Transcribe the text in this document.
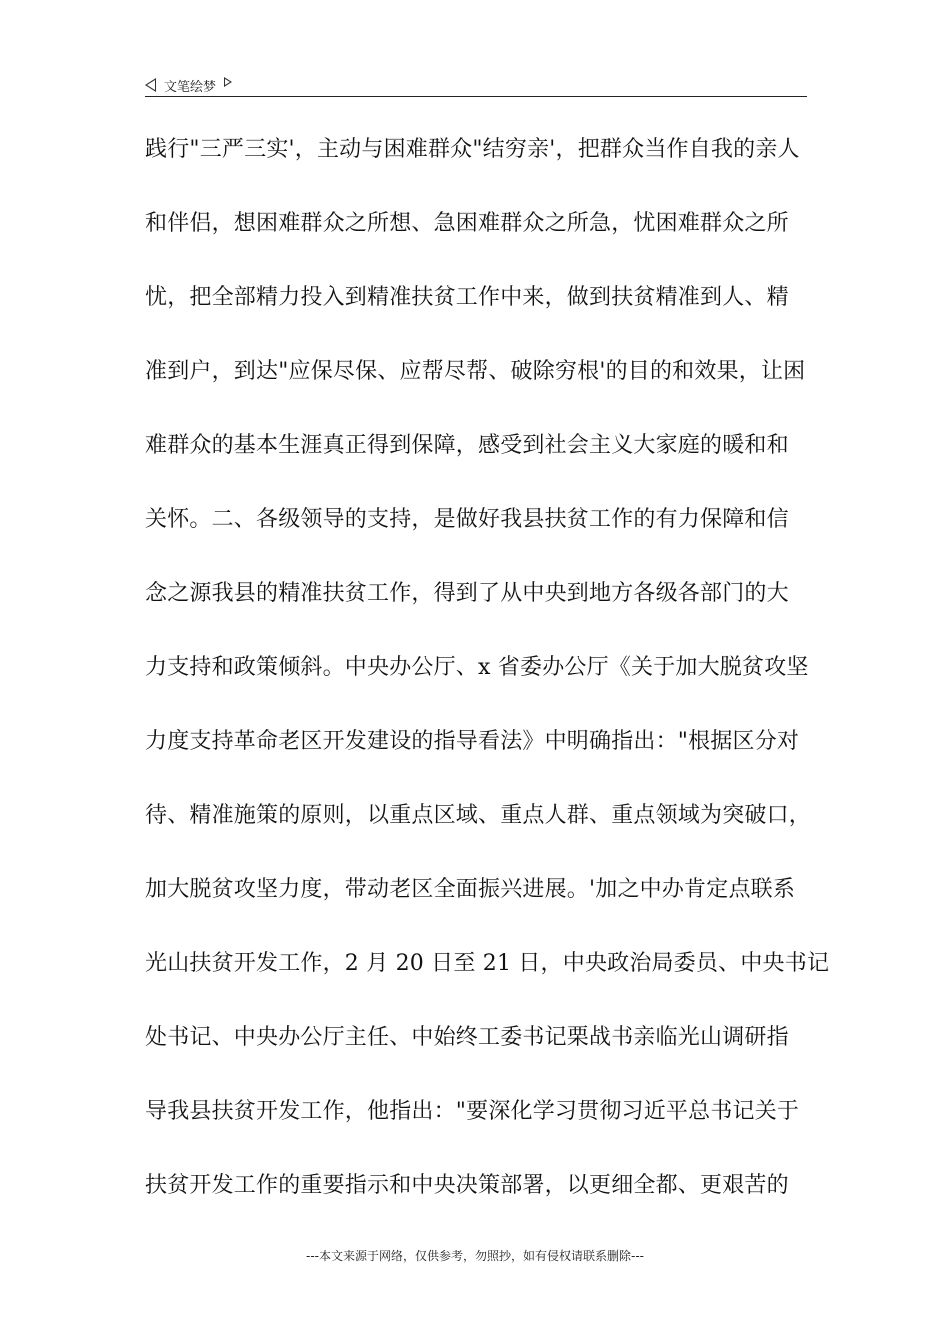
文笔绘梦
践行"三严三实'，主动与困难群众"结穷亲'，把群众当作自我的亲人
和伴侣，想困难群众之所想、急困难群众之所急，忧困难群众之所
忧，把全部精力投入到精准扶贫工作中来，做到扶贫精准到人、精
准到户，到达"应保尽保、应帮尽帮、破除穷根'的目的和效果，让困
难群众的基本生涯真正得到保障，感受到社会主义大家庭的暖和和
关怀。二、各级领导的支持，是做好我县扶贫工作的有力保障和信
念之源我县的精准扶贫工作，得到了从中央到地方各级各部门的大
力支持和政策倾斜。中央办公厅、x 省委办公厅《关于加大脱贫攻坚
力度支持革命老区开发建设的指导看法》中明确指出："根据区分对
待、精准施策的原则，以重点区域、重点人群、重点领域为突破口，
加大脱贫攻坚力度，带动老区全面振兴进展。'加之中办肯定点联系
光山扶贫开发工作，2 月 20 日至 21 日，中央政治局委员、中央书记
处书记、中央办公厅主任、中始终工委书记栗战书亲临光山调研指
导我县扶贫开发工作，他指出："要深化学习贯彻习近平总书记关于
扶贫开发工作的重要指示和中央决策部署，以更细全都、更艰苦的
---本文来源于网络，仅供参考，勿照抄，如有侵权请联系删除---
